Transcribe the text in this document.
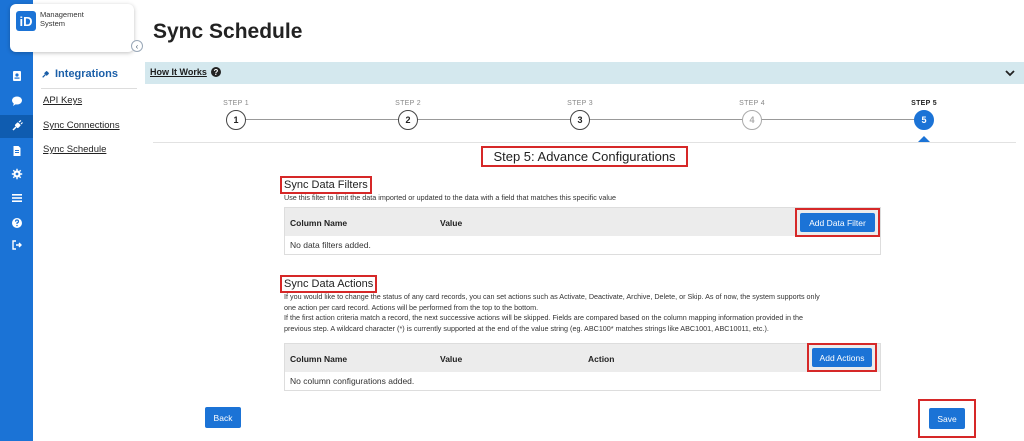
iD	Management System
‹
Integrations
API Keys
Sync Connections
Sync Schedule
Sync Schedule
How It Works ?
STEP 1
1
STEP 2
2
STEP 3
3
STEP 4
4
STEP 5
5
Step 5: Advance Configurations
Sync Data Filters
Use this filter to limit the data imported or updated to the data with a field that matches this specific value
Column Name	Value
No data filters added.
Add Data Filter
Sync Data Actions
If you would like to change the status of any card records, you can set actions such as Activate, Deactivate, Archive, Delete, or Skip. As of now, the system supports only
one action per card record. Actions will be performed from the top to the bottom.
If the first action criteria match a record, the next successive actions will be skipped. Fields are compared based on the column mapping information provided in the
previous step. A wildcard character (*) is currently supported at the end of the value string (eg. ABC100* matches strings like ABC1001, ABC10011, etc.).
Column Name	Value	Action
No column configurations added.
Add Actions
Back	Save
